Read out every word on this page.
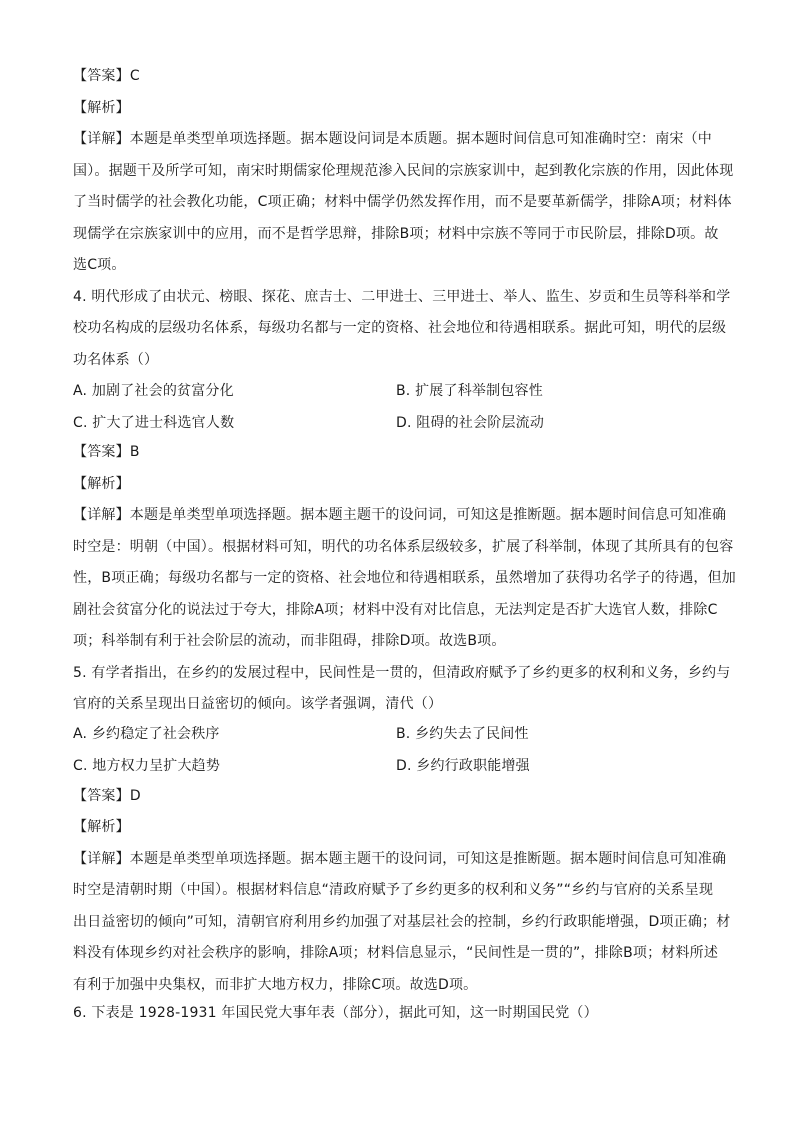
【答案】C
【解析】
【详解】本题是单类型单项选择题。据本题设问词是本质题。据本题时间信息可知准确时空：南宋（中
国）。据题干及所学可知，南宋时期儒家伦理规范渗入民间的宗族家训中，起到教化宗族的作用，因此体现
了当时儒学的社会教化功能，C项正确；材料中儒学仍然发挥作用，而不是要革新儒学，排除A项；材料体
现儒学在宗族家训中的应用，而不是哲学思辩，排除B项；材料中宗族不等同于市民阶层，排除D项。故
选C项。
4. 明代形成了由状元、榜眼、探花、庶吉士、二甲进士、三甲进士、举人、监生、岁贡和生员等科举和学
校功名构成的层级功名体系，每级功名都与一定的资格、社会地位和待遇相联系。据此可知，明代的层级
功名体系（）
A. 加剧了社会的贫富分化	B. 扩展了科举制包容性
C. 扩大了进士科选官人数	D. 阻碍的社会阶层流动
【答案】B
【解析】
【详解】本题是单类型单项选择题。据本题主题干的设问词，可知这是推断题。据本题时间信息可知准确
时空是：明朝（中国）。根据材料可知，明代的功名体系层级较多，扩展了科举制，体现了其所具有的包容
性，B项正确；每级功名都与一定的资格、社会地位和待遇相联系，虽然增加了获得功名学子的待遇，但加
剧社会贫富分化的说法过于夸大，排除A项；材料中没有对比信息，无法判定是否扩大选官人数，排除C
项；科举制有利于社会阶层的流动，而非阻碍，排除D项。故选B项。
5. 有学者指出，在乡约的发展过程中，民间性是一贯的，但清政府赋予了乡约更多的权利和义务，乡约与
官府的关系呈现出日益密切的倾向。该学者强调，清代（）
A. 乡约稳定了社会秩序	B. 乡约失去了民间性
C. 地方权力呈扩大趋势	D. 乡约行政职能增强
【答案】D
【解析】
【详解】本题是单类型单项选择题。据本题主题干的设问词，可知这是推断题。据本题时间信息可知准确
时空是清朝时期（中国）。根据材料信息“清政府赋予了乡约更多的权利和义务”“乡约与官府的关系呈现
出日益密切的倾向”可知，清朝官府利用乡约加强了对基层社会的控制，乡约行政职能增强，D项正确；材
料没有体现乡约对社会秩序的影响，排除A项；材料信息显示，“民间性是一贯的”，排除B项；材料所述
有利于加强中央集权，而非扩大地方权力，排除C项。故选D项。
6. 下表是 1928-1931 年国民党大事年表（部分），据此可知，这一时期国民党（）
